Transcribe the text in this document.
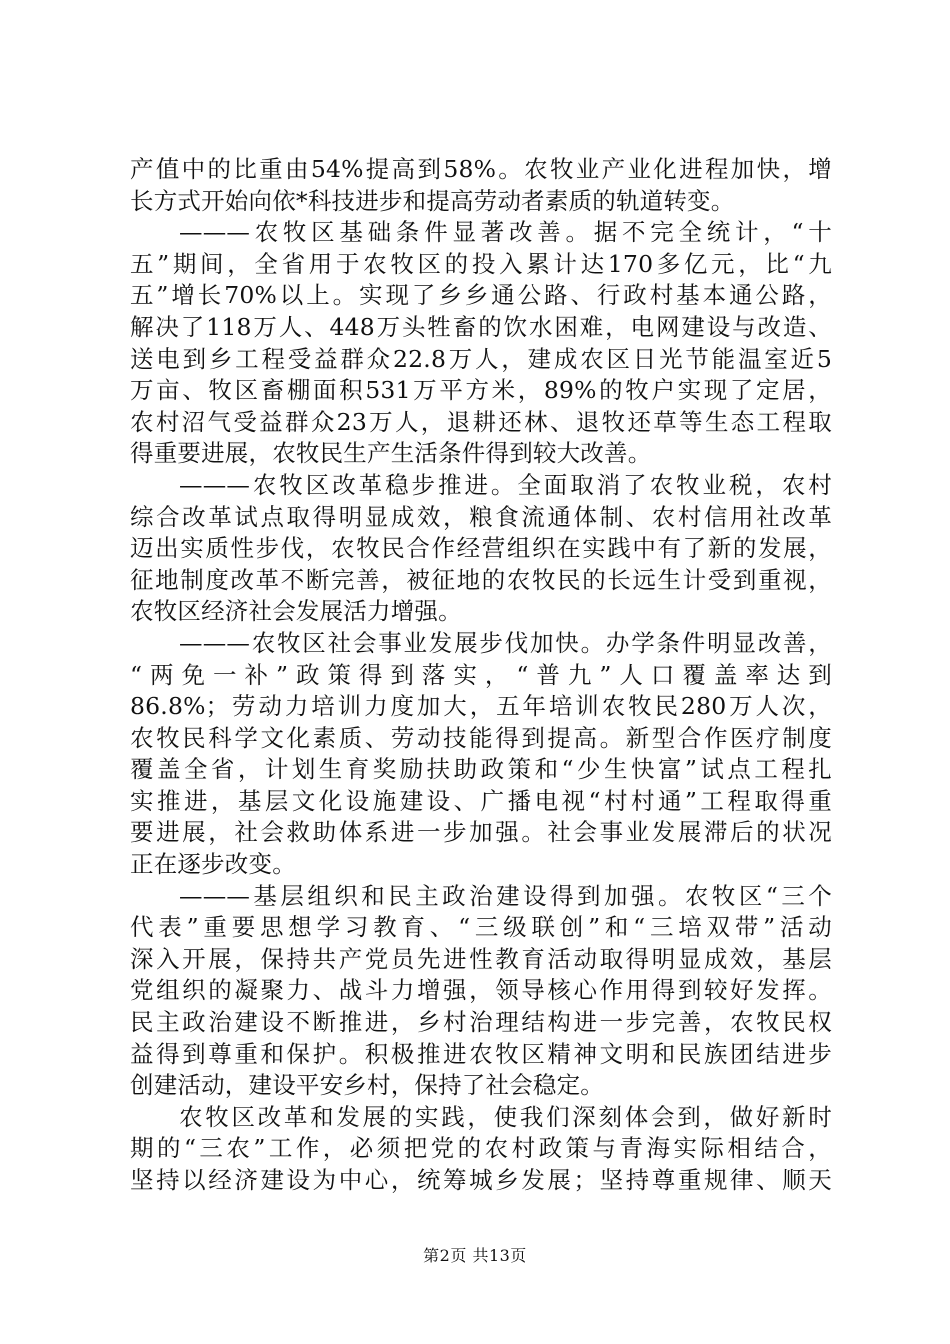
产值中的比重由54%提高到58%。农牧业产业化进程加快，增
长方式开始向依*科技进步和提高劳动者素质的轨道转变。
———农牧区基础条件显著改善。据不完全统计，“十
五”期间，全省用于农牧区的投入累计达170多亿元，比“九
五”增长70%以上。实现了乡乡通公路、行政村基本通公路，
解决了118万人、448万头牲畜的饮水困难，电网建设与改造、
送电到乡工程受益群众22.8万人，建成农区日光节能温室近5
万亩、牧区畜棚面积531万平方米，89%的牧户实现了定居，
农村沼气受益群众23万人，退耕还林、退牧还草等生态工程取
得重要进展，农牧民生产生活条件得到较大改善。
———农牧区改革稳步推进。全面取消了农牧业税，农村
综合改革试点取得明显成效，粮食流通体制、农村信用社改革
迈出实质性步伐，农牧民合作经营组织在实践中有了新的发展，
征地制度改革不断完善，被征地的农牧民的长远生计受到重视，
农牧区经济社会发展活力增强。
———农牧区社会事业发展步伐加快。办学条件明显改善，
“两免一补”政策得到落实，“普九”人口覆盖率达到
86.8%；劳动力培训力度加大，五年培训农牧民280万人次，
农牧民科学文化素质、劳动技能得到提高。新型合作医疗制度
覆盖全省，计划生育奖励扶助政策和“少生快富”试点工程扎
实推进，基层文化设施建设、广播电视“村村通”工程取得重
要进展，社会救助体系进一步加强。社会事业发展滞后的状况
正在逐步改变。
———基层组织和民主政治建设得到加强。农牧区“三个
代表”重要思想学习教育、“三级联创”和“三培双带”活动
深入开展，保持共产党员先进性教育活动取得明显成效，基层
党组织的凝聚力、战斗力增强，领导核心作用得到较好发挥。
民主政治建设不断推进，乡村治理结构进一步完善，农牧民权
益得到尊重和保护。积极推进农牧区精神文明和民族团结进步
创建活动，建设平安乡村，保持了社会稳定。
农牧区改革和发展的实践，使我们深刻体会到，做好新时
期的“三农”工作，必须把党的农村政策与青海实际相结合，
坚持以经济建设为中心，统筹城乡发展；坚持尊重规律、顺天
第2页 共13页
